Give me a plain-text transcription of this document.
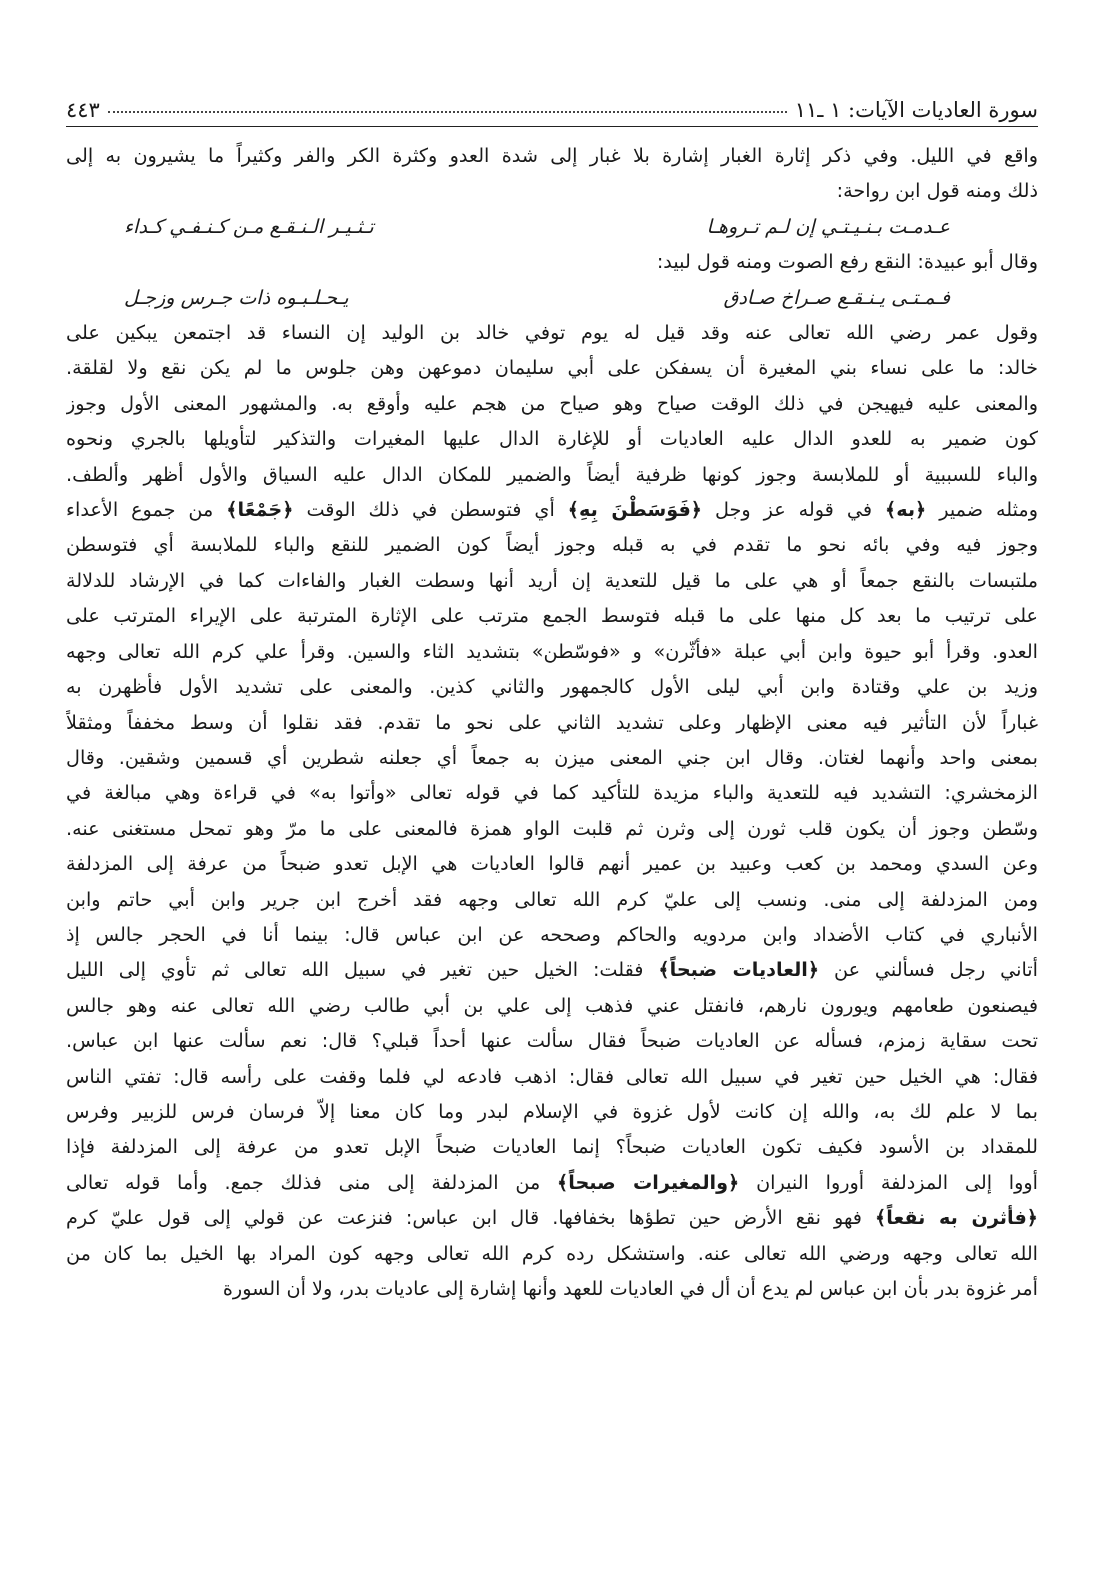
سورة العاديات الآيات: ١ ـ١١
٤٤٣
واقع في الليل. وفي ذكر إثارة الغبار إشارة بلا غبار إلى شدة العدو وكثرة الكر والفر وكثيراً ما يشيرون به إلى
ذلك ومنه قول ابن رواحة:
عـدمـت بـنـيـتـي إن لـم تـروهـا
تـثـيـر الـنـقـع مـن كـنـفـي كـداء
وقال أبو عبيدة: النقع رفع الصوت ومنه قول لبيد:
فـمـتـى يـنـقـع صـراخ صـادق
يـحـلـبـوه ذات جـرس وزجـل
وقول عمر رضي الله تعالى عنه وقد قيل له يوم توفي خالد بن الوليد إن النساء قد اجتمعن يبكين على
خالد: ما على نساء بني المغيرة أن يسفكن على أبي سليمان دموعهن وهن جلوس ما لم يكن نقع ولا لقلقة.
والمعنى عليه فيهيجن في ذلك الوقت صياح وهو صياح من هجم عليه وأوقع به. والمشهور المعنى الأول وجوز
كون ضمير به للعدو الدال عليه العاديات أو للإغارة الدال عليها المغيرات والتذكير لتأويلها بالجري ونحوه
والباء للسببية أو للملابسة وجوز كونها ظرفية أيضاً والضمير للمكان الدال عليه السياق والأول أظهر وألطف.
ومثله ضمير ﴿به﴾ في قوله عز وجل ﴿فَوَسَطْنَ بِهِ﴾ أي فتوسطن في ذلك الوقت ﴿جَمْعًا﴾ من جموع الأعداء
وجوز فيه وفي بائه نحو ما تقدم في به قبله وجوز أيضاً كون الضمير للنقع والباء للملابسة أي فتوسطن
ملتبسات بالنقع جمعاً أو هي على ما قيل للتعدية إن أريد أنها وسطت الغبار والفاءات كما في الإرشاد للدلالة
على ترتيب ما بعد كل منها على ما قبله فتوسط الجمع مترتب على الإثارة المترتبة على الإيراء المترتب على
العدو. وقرأ أبو حيوة وابن أبي عبلة «فأثّرن» و «فوسّطن» بتشديد الثاء والسين. وقرأ علي كرم الله تعالى وجهه
وزيد بن علي وقتادة وابن أبي ليلى الأول كالجمهور والثاني كذين. والمعنى على تشديد الأول فأظهرن به
غباراً لأن التأثير فيه معنى الإظهار وعلى تشديد الثاني على نحو ما تقدم. فقد نقلوا أن وسط مخففاً ومثقلاً
بمعنى واحد وأنهما لغتان. وقال ابن جني المعنى ميزن به جمعاً أي جعلنه شطرين أي قسمين وشقين. وقال
الزمخشري: التشديد فيه للتعدية والباء مزيدة للتأكيد كما في قوله تعالى «وأتوا به» في قراءة وهي مبالغة في
وسّطن وجوز أن يكون قلب ثورن إلى وثرن ثم قلبت الواو همزة فالمعنى على ما مرّ وهو تمحل مستغنى عنه.
وعن السدي ومحمد بن كعب وعبيد بن عمير أنهم قالوا العاديات هي الإبل تعدو ضبحاً من عرفة إلى المزدلفة
ومن المزدلفة إلى منى. ونسب إلى عليّ كرم الله تعالى وجهه فقد أخرج ابن جرير وابن أبي حاتم وابن
الأنباري في كتاب الأضداد وابن مردويه والحاكم وصححه عن ابن عباس قال: بينما أنا في الحجر جالس إذ
أتاني رجل فسألني عن ﴿العاديات ضبحاً﴾ فقلت: الخيل حين تغير في سبيل الله تعالى ثم تأوي إلى الليل
فيصنعون طعامهم ويورون نارهم، فانفتل عني فذهب إلى علي بن أبي طالب رضي الله تعالى عنه وهو جالس
تحت سقاية زمزم، فسأله عن العاديات ضبحاً فقال سألت عنها أحداً قبلي؟ قال: نعم سألت عنها ابن عباس.
فقال: هي الخيل حين تغير في سبيل الله تعالى فقال: اذهب فادعه لي فلما وقفت على رأسه قال: تفتي الناس
بما لا علم لك به، والله إن كانت لأول غزوة في الإسلام لبدر وما كان معنا إلاّ فرسان فرس للزبير وفرس
للمقداد بن الأسود فكيف تكون العاديات ضبحاً؟ إنما العاديات ضبحاً الإبل تعدو من عرفة إلى المزدلفة فإذا
أووا إلى المزدلفة أوروا النيران ﴿والمغيرات صبحاً﴾ من المزدلفة إلى منى فذلك جمع. وأما قوله تعالى
﴿فأثرن به نقعاً﴾ فهو نقع الأرض حين تطؤها بخفافها. قال ابن عباس: فنزعت عن قولي إلى قول عليّ كرم
الله تعالى وجهه ورضي الله تعالى عنه. واستشكل رده كرم الله تعالى وجهه كون المراد بها الخيل بما كان من
أمر غزوة بدر بأن ابن عباس لم يدع أن أل في العاديات للعهد وأنها إشارة إلى عاديات بدر، ولا أن السورة
